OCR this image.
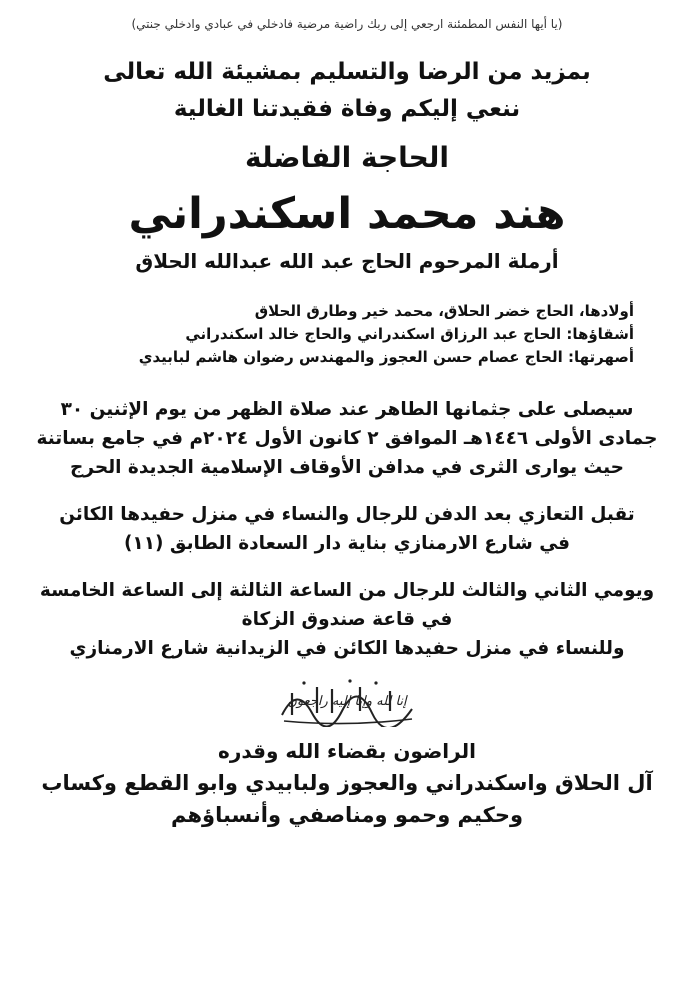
(يا أيها النفس المطمئنة ارجعي إلى ربك راضية مرضية فادخلي في عبادي وادخلي جنتي)
بمزيد من الرضا والتسليم بمشيئة الله تعالى
ننعي إليكم وفاة فقيدتنا الغالية
الحاجة الفاضلة
هند محمد اسكندراني
أرملة المرحوم الحاج عبد الله عبدالله الحلاق
أولادها، الحاج خضر الحلاق، محمد خير وطارق الحلاق
أشقاؤها: الحاج عبد الرزاق اسكندراني والحاج خالد اسكندراني
أصهرتها: الحاج عصام حسن العجوز والمهندس رضوان هاشم لبابيدي
سيصلى على جثمانها الطاهر عند صلاة الظهر من يوم الإثنين ٣٠
جمادى الأولى ١٤٤٦هـ الموافق ٢ كانون الأول ٢٠٢٤م في جامع بساتنة
حيث يوارى الثرى في مدافن الأوقاف الإسلامية الجديدة الحرج
تقبل التعازي بعد الدفن للرجال والنساء في منزل حفيدها الكائن
في شارع الارمنازي بناية دار السعادة الطابق (١١)
ويومي الثاني والثالث للرجال من الساعة الثالثة إلى الساعة الخامسة
في قاعة صندوق الزكاة
وللنساء في منزل حفيدها الكائن في الزيدانية شارع الارمنازي
إنا لله وإنا إليه راجعون
الراضون بقضاء الله وقدره
آل الحلاق واسكندراني والعجوز ولبابيدي وابو القطع وكساب
وحكيم وحمو ومناصفي وأنسباؤهم
